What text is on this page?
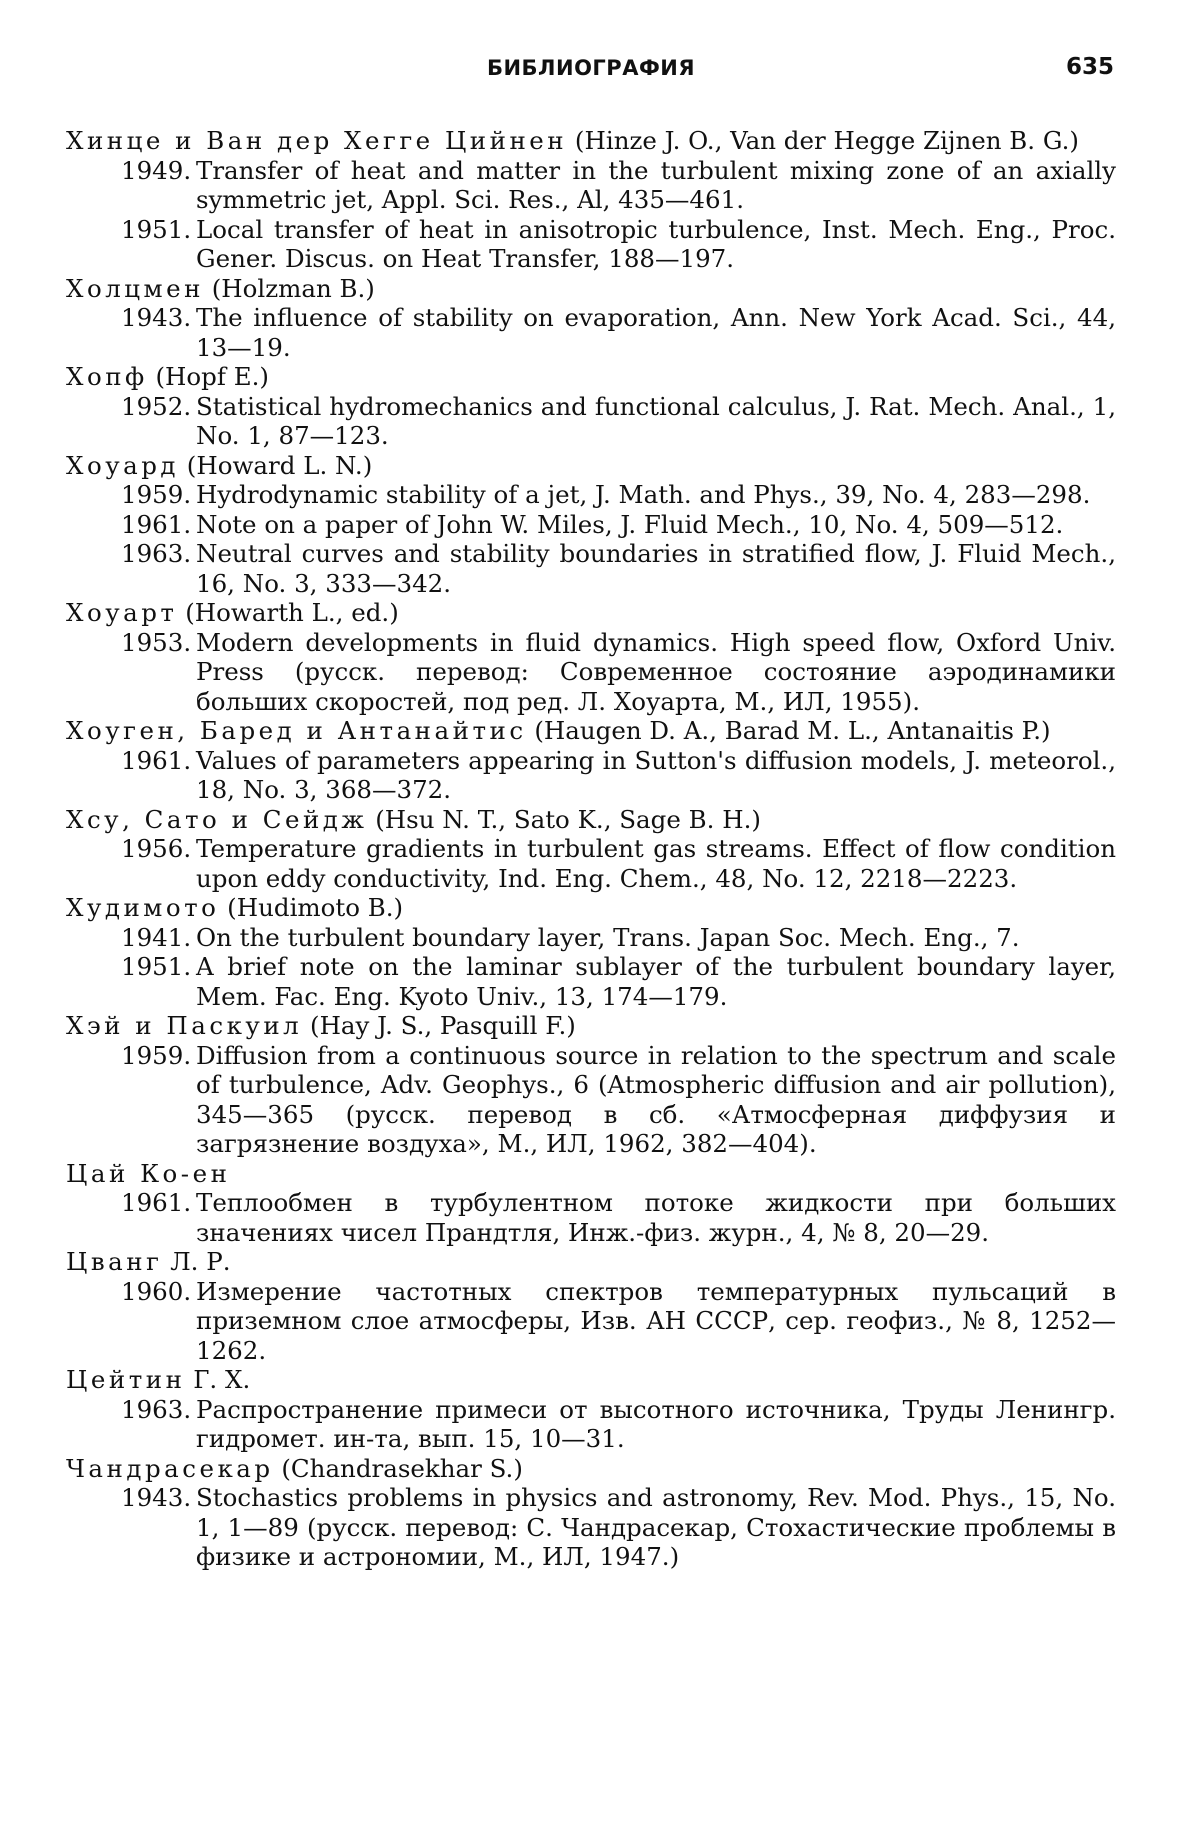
БИБЛИОГРАФИЯ	635
Хинце и Ван дер Хегге Цийнен (Hinze J. O., Van der Hegge Zijnen B. G.)
1949. Transfer of heat and matter in the turbulent mixing zone of an axially symmetric jet, Appl. Sci. Res., Al, 435—461.
1951. Local transfer of heat in anisotropic turbulence, Inst. Mech. Eng., Proc. Gener. Discus. on Heat Transfer, 188—197.
Холцмен (Holzman B.)
1943. The influence of stability on evaporation, Ann. New York Acad. Sci., 44, 13—19.
Хопф (Hopf E.)
1952. Statistical hydromechanics and functional calculus, J. Rat. Mech. Anal., 1, No. 1, 87—123.
Хоуард (Howard L. N.)
1959. Hydrodynamic stability of a jet, J. Math. and Phys., 39, No. 4, 283—298.
1961. Note on a paper of John W. Miles, J. Fluid Mech., 10, No. 4, 509—512.
1963. Neutral curves and stability boundaries in stratified flow, J. Fluid Mech., 16, No. 3, 333—342.
Хоуарт (Howarth L., ed.)
1953. Modern developments in fluid dynamics. High speed flow, Oxford Univ. Press (русск. перевод: Современное состояние аэродинамики больших скоростей, под ред. Л. Хоуарта, М., ИЛ, 1955).
Хоуген, Баред и Антанайтис (Haugen D. A., Barad M. L., Antanaitis P.)
1961. Values of parameters appearing in Sutton's diffusion models, J. meteorol., 18, No. 3, 368—372.
Хсу, Сато и Сейдж (Hsu N. T., Sato K., Sage B. H.)
1956. Temperature gradients in turbulent gas streams. Effect of flow condition upon eddy conductivity, Ind. Eng. Chem., 48, No. 12, 2218—2223.
Худимото (Hudimoto B.)
1941. On the turbulent boundary layer, Trans. Japan Soc. Mech. Eng., 7.
1951. A brief note on the laminar sublayer of the turbulent boundary layer, Mem. Fac. Eng. Kyoto Univ., 13, 174—179.
Хэй и Паскуил (Hay J. S., Pasquill F.)
1959. Diffusion from a continuous source in relation to the spectrum and scale of turbulence, Adv. Geophys., 6 (Atmospheric diffusion and air pollution), 345—365 (русск. перевод в сб. «Атмосферная диффузия и загрязнение воздуха», М., ИЛ, 1962, 382—404).
Цай Ко-ен
1961. Теплообмен в турбулентном потоке жидкости при больших значениях чисел Прандтля, Инж.-физ. журн., 4, № 8, 20—29.
Цванг Л. Р.
1960. Измерение частотных спектров температурных пульсаций в приземном слое атмосферы, Изв. АН СССР, сер. геофиз., № 8, 1252—1262.
Цейтин Г. Х.
1963. Распространение примеси от высотного источника, Труды Ленингр. гидромет. ин-та, вып. 15, 10—31.
Чандрасекар (Chandrasekhar S.)
1943. Stochastics problems in physics and astronomy, Rev. Mod. Phys., 15, No. 1, 1—89 (русск. перевод: С. Чандрасекар, Стохастические проблемы в физике и астрономии, М., ИЛ, 1947.)
